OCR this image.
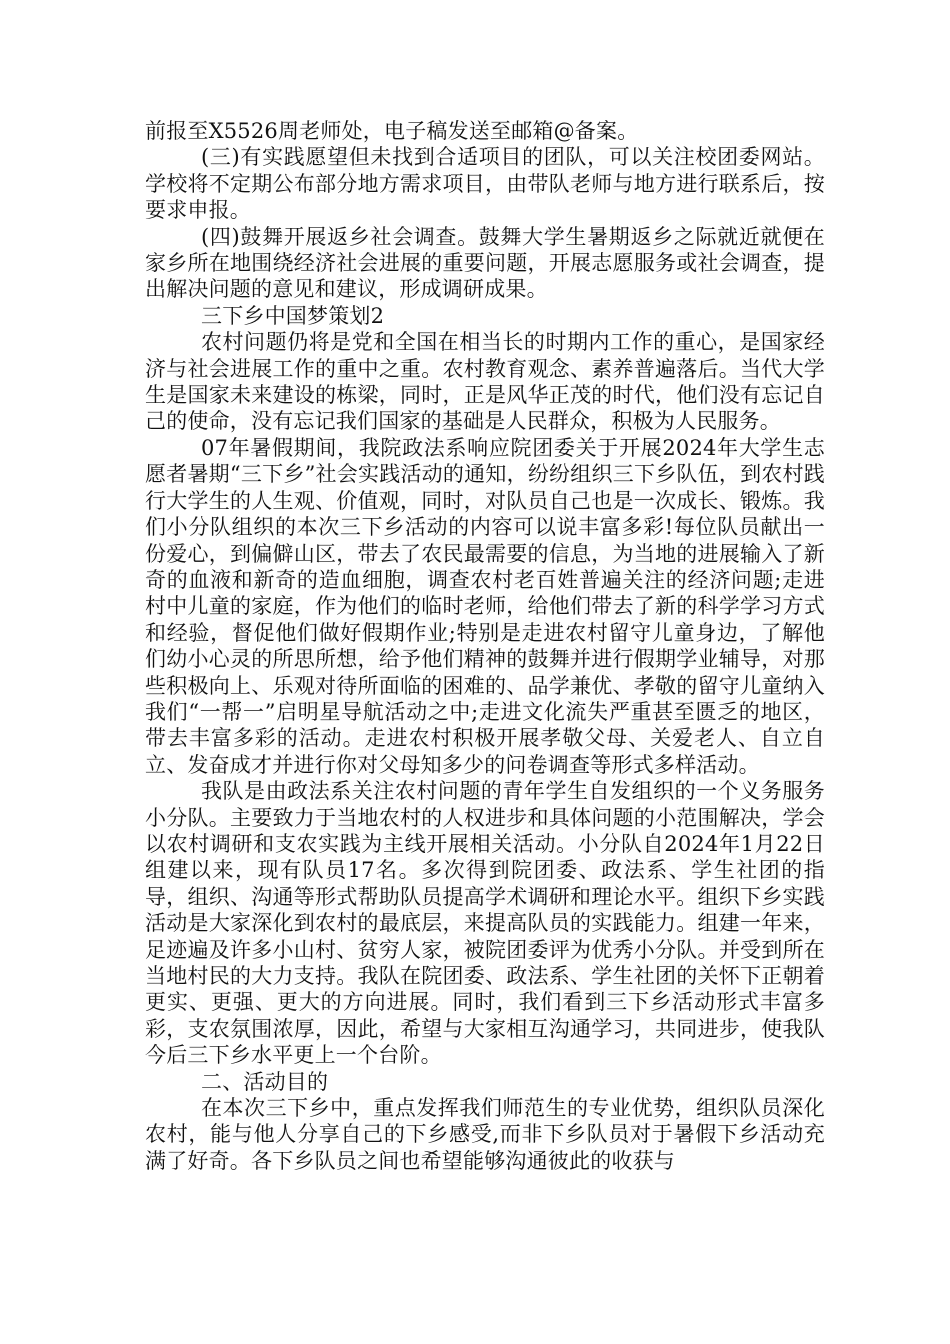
前报至X5526周老师处，电子稿发送至邮箱@备案。

(三)有实践愿望但未找到合适项目的团队，可以关注校团委网站。学校将不定期公布部分地方需求项目，由带队老师与地方进行联系后，按要求申报。

(四)鼓舞开展返乡社会调查。鼓舞大学生暑期返乡之际就近就便在家乡所在地围绕经济社会进展的重要问题，开展志愿服务或社会调查，提出解决问题的意见和建议，形成调研成果。

三下乡中国梦策划2

农村问题仍将是党和全国在相当长的时期内工作的重心，是国家经济与社会进展工作的重中之重。农村教育观念、素养普遍落后。当代大学生是国家未来建设的栋梁，同时，正是风华正茂的时代，他们没有忘记自己的使命，没有忘记我们国家的基础是人民群众，积极为人民服务。

07年暑假期间，我院政法系响应院团委关于开展2024年大学生志愿者暑期“三下乡”社会实践活动的通知，纷纷组织三下乡队伍，到农村践行大学生的人生观、价值观，同时，对队员自己也是一次成长、锻炼。我们小分队组织的本次三下乡活动的内容可以说丰富多彩!每位队员献出一份爱心，到偏僻山区，带去了农民最需要的信息，为当地的进展输入了新奇的血液和新奇的造血细胞，调查农村老百姓普遍关注的经济问题;走进村中儿童的家庭，作为他们的临时老师，给他们带去了新的科学学习方式和经验，督促他们做好假期作业;特别是走进农村留守儿童身边，了解他们幼小心灵的所思所想，给予他们精神的鼓舞并进行假期学业辅导，对那些积极向上、乐观对待所面临的困难的、品学兼优、孝敬的留守儿童纳入我们“一帮一”启明星导航活动之中;走进文化流失严重甚至匮乏的地区，带去丰富多彩的活动。走进农村积极开展孝敬父母、关爱老人、自立自立、发奋成才并进行你对父母知多少的问卷调查等形式多样活动。

我队是由政法系关注农村问题的青年学生自发组织的一个义务服务小分队。主要致力于当地农村的人权进步和具体问题的小范围解决，学会以农村调研和支农实践为主线开展相关活动。小分队自2024年1月22日组建以来，现有队员17名。多次得到院团委、政法系、学生社团的指导，组织、沟通等形式帮助队员提高学术调研和理论水平。组织下乡实践活动是大家深化到农村的最底层，来提高队员的实践能力。组建一年来，足迹遍及许多小山村、贫穷人家，被院团委评为优秀小分队。并受到所在当地村民的大力支持。我队在院团委、政法系、学生社团的关怀下正朝着更实、更强、更大的方向进展。同时，我们看到三下乡活动形式丰富多彩，支农氛围浓厚，因此，希望与大家相互沟通学习，共同进步，使我队今后三下乡水平更上一个台阶。

二、活动目的

在本次三下乡中，重点发挥我们师范生的专业优势，组织队员深化农村，能与他人分享自己的下乡感受,而非下乡队员对于暑假下乡活动充满了好奇。各下乡队员之间也希望能够沟通彼此的收获与
